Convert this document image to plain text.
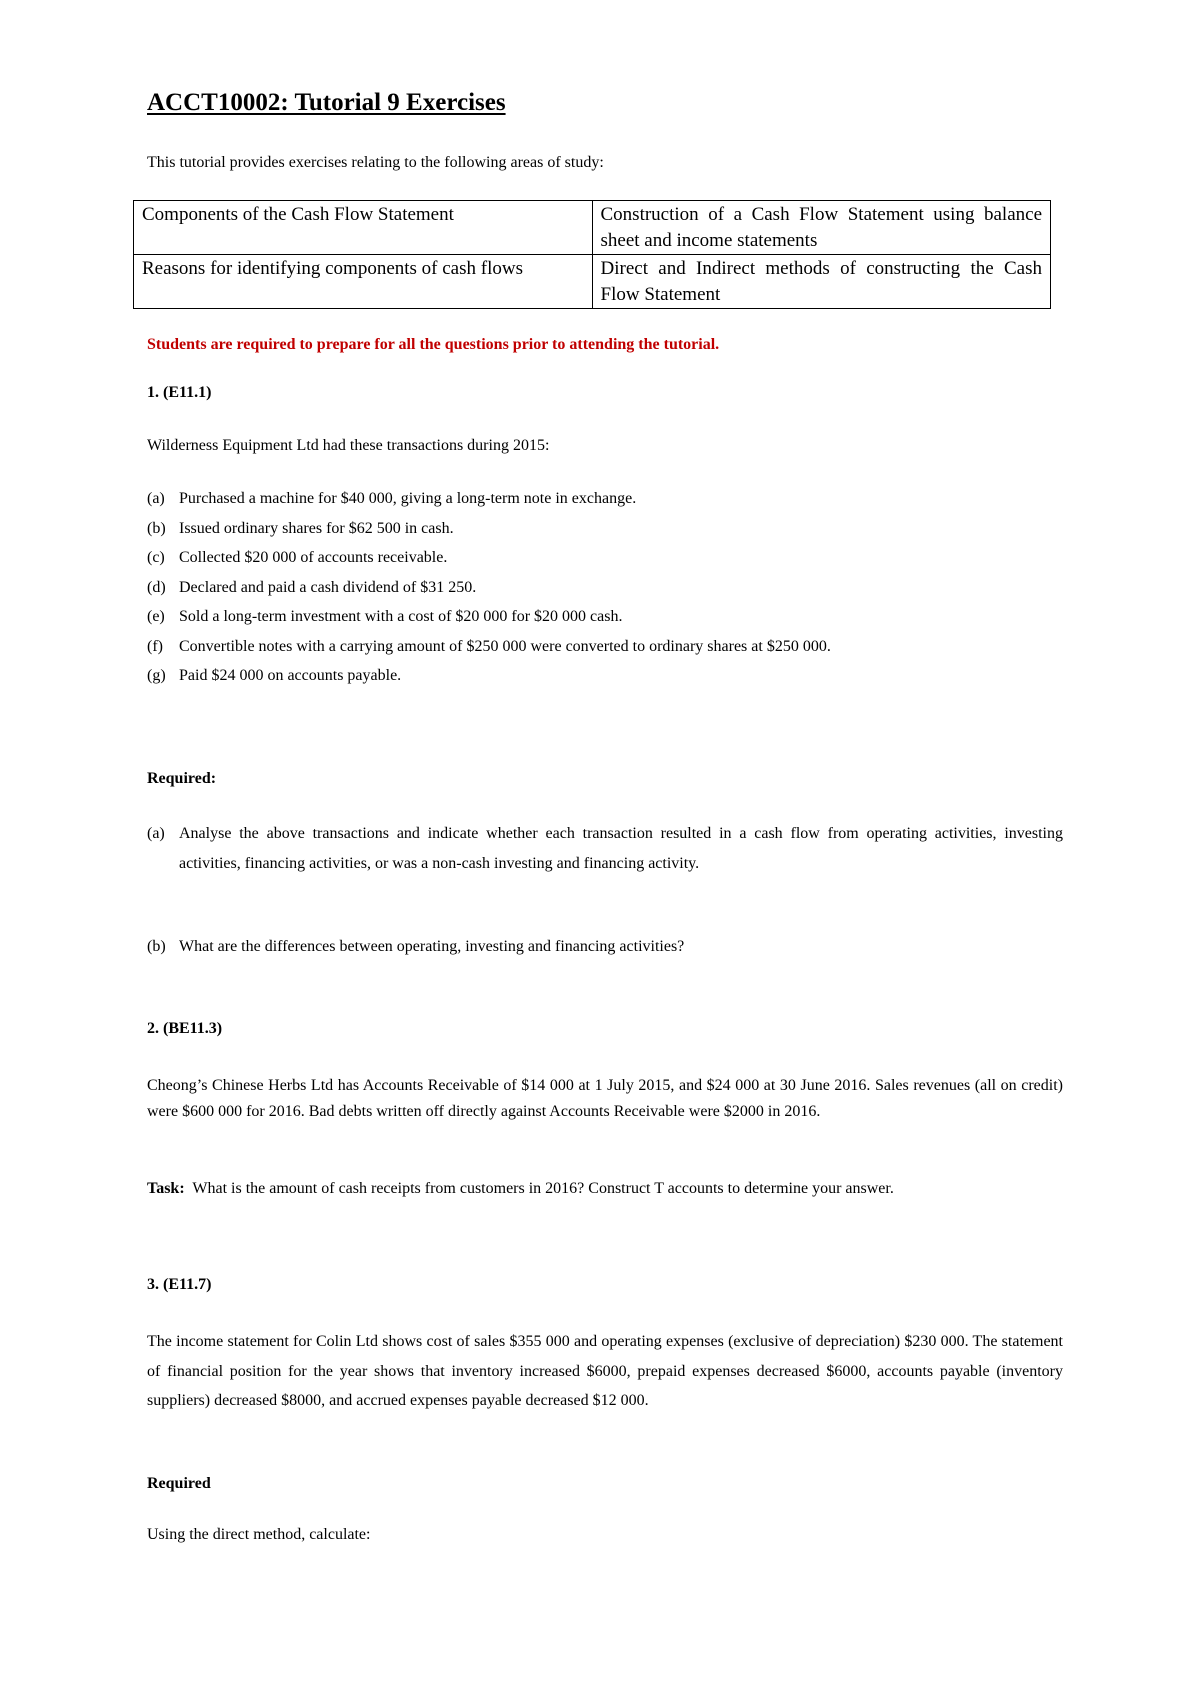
ACCT10002: Tutorial 9 Exercises

This tutorial provides exercises relating to the following areas of study:

Components of the Cash Flow Statement	Construction of a Cash Flow Statement using balance sheet and income statements
Reasons for identifying components of cash flows	Direct and Indirect methods of constructing the Cash Flow Statement

Students are required to prepare for all the questions prior to attending the tutorial.

1. (E11.1)

Wilderness Equipment Ltd had these transactions during 2015:

(a) Purchased a machine for $40 000, giving a long-term note in exchange.
(b) Issued ordinary shares for $62 500 in cash.
(c) Collected $20 000 of accounts receivable.
(d) Declared and paid a cash dividend of $31 250.
(e) Sold a long-term investment with a cost of $20 000 for $20 000 cash.
(f) Convertible notes with a carrying amount of $250 000 were converted to ordinary shares at $250 000.
(g) Paid $24 000 on accounts payable.

Required:

(a) Analyse the above transactions and indicate whether each transaction resulted in a cash flow from operating activities, investing activities, financing activities, or was a non-cash investing and financing activity.
(b) What are the differences between operating, investing and financing activities?

2. (BE11.3)

Cheong’s Chinese Herbs Ltd has Accounts Receivable of $14 000 at 1 July 2015, and $24 000 at 30 June 2016. Sales revenues (all on credit) were $600 000 for 2016. Bad debts written off directly against Accounts Receivable were $2000 in 2016.

Task: What is the amount of cash receipts from customers in 2016? Construct T accounts to determine your answer.

3. (E11.7)

The income statement for Colin Ltd shows cost of sales $355 000 and operating expenses (exclusive of depreciation) $230 000. The statement of financial position for the year shows that inventory increased $6000, prepaid expenses decreased $6000, accounts payable (inventory suppliers) decreased $8000, and accrued expenses payable decreased $12 000.

Required

Using the direct method, calculate:
